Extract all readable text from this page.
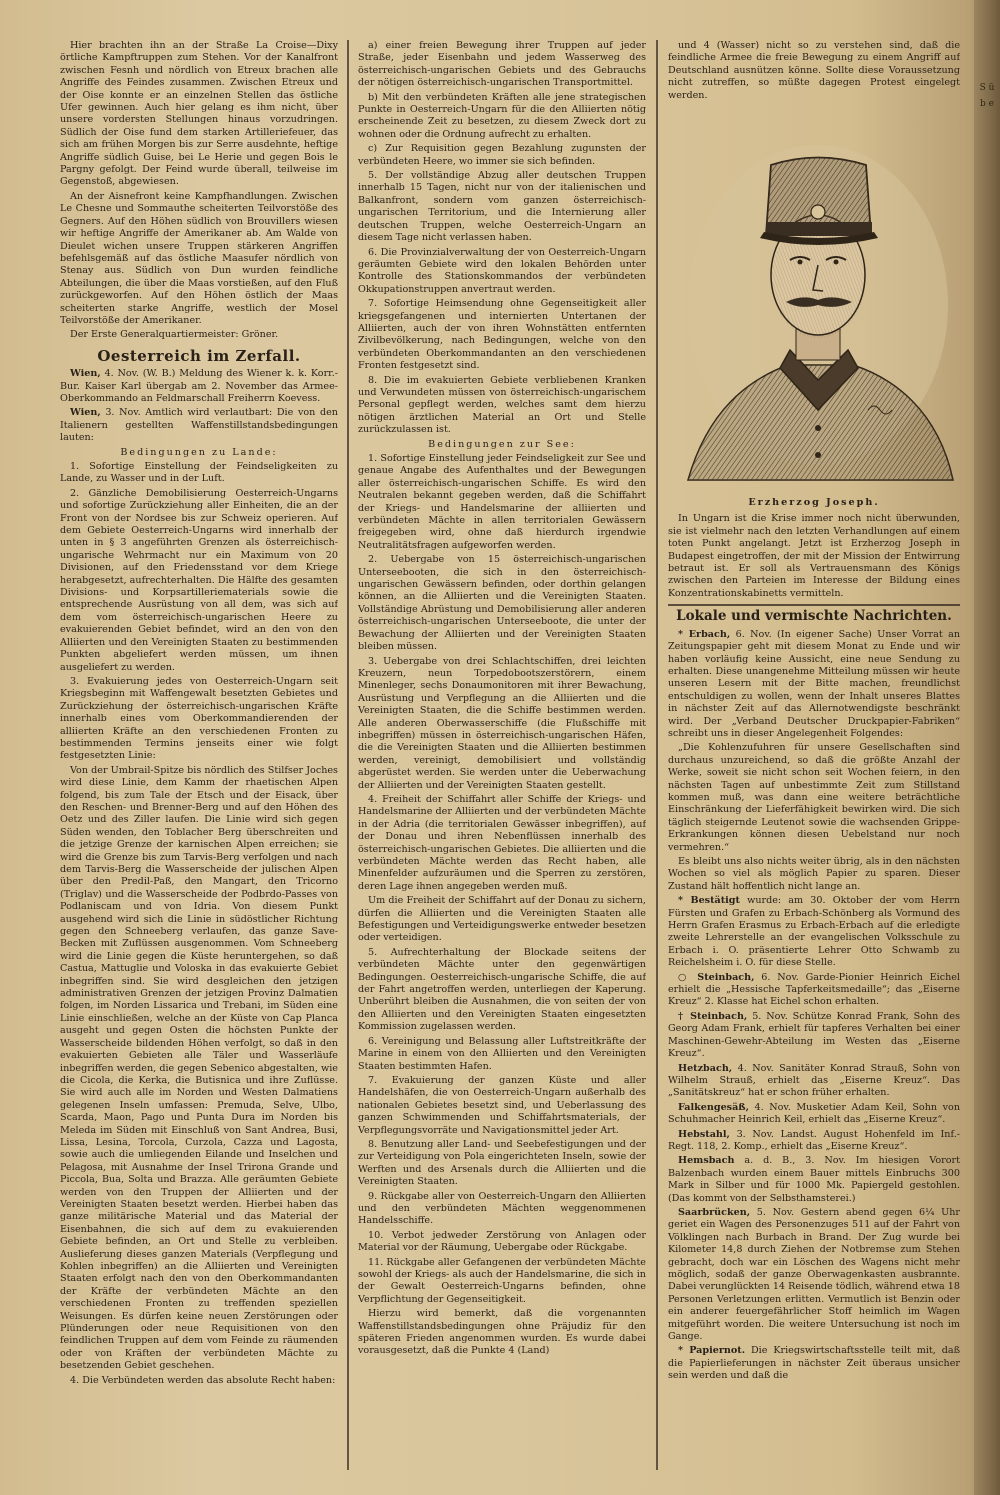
Hier brachten ihn an der Straße La Croise—Dixy örtliche Kampftruppen zum Stehen. Vor der Kanalfront zwischen Fesnh und nördlich von Etreux brachen alle Angriffe des Feindes zusammen. Zwischen Etreux und der Oise konnte er an einzelnen Stellen das östliche Ufer gewinnen. Auch hier gelang es ihm nicht, über unsere vordersten Stellungen hinaus vorzudringen. Südlich der Oise fund dem starken Artilleriefeuer, das sich am frühen Morgen bis zur Serre ausdehnte, heftige Angriffe südlich Guise, bei Le Herie und gegen Bois le Pargny gefolgt. Der Feind wurde überall, teilweise im Gegenstoß, abgewiesen.

An der Aisnefront keine Kampfhandlungen. Zwischen Le Chesne und Sommauthe scheiterten Teilvorstöße des Gegners. Auf den Höhen südlich von Brouvillers wiesen wir heftige Angriffe der Amerikaner ab. Am Walde von Dieulet wichen unsere Truppen stärkeren Angriffen befehlsgemäß auf das östliche Maasufer nördlich von Stenay aus. Südlich von Dun wurden feindliche Abteilungen, die über die Maas vorstießen, auf den Fluß zurückgeworfen. Auf den Höhen östlich der Maas scheiterten starke Angriffe, westlich der Mosel Teilvorstöße der Amerikaner.

Der Erste Generalquartiermeister: Gröner.

Oesterreich im Zerfall.

Wien, 4. Nov. (W. B.) Meldung des Wiener k. k. Korr.-Bur. Kaiser Karl übergab am 2. November das Armee-Oberkommando an Feldmarschall Freiherrn Koevess.

Wien, 3. Nov. Amtlich wird verlautbart: Die von den Italienern gestellten Waffenstillstandsbedingungen lauten:

Bedingungen zu Lande:

1. Sofortige Einstellung der Feindseligkeiten zu Lande, zu Wasser und in der Luft.

2. Gänzliche Demobilisierung Oesterreich-Ungarns und sofortige Zurückziehung aller Einheiten, die an der Front von der Nordsee bis zur Schweiz operieren. Auf dem Gebiete Oesterreich-Ungarns wird innerhalb der unten in § 3 angeführten Grenzen als österreichisch-ungarische Wehrmacht nur ein Maximum von 20 Divisionen, auf den Friedensstand vor dem Kriege herabgesetzt, aufrechterhalten. Die Hälfte des gesamten Divisions- und Korpsartilleriematerials sowie die entsprechende Ausrüstung von all dem, was sich auf dem vom österreichisch-ungarischen Heere zu evakuierenden Gebiet befindet, wird an den von den Alliierten und den Vereinigten Staaten zu bestimmenden Punkten abgeliefert werden müssen, um ihnen ausgeliefert zu werden.

3. Evakuierung jedes von Oesterreich-Ungarn seit Kriegsbeginn mit Waffengewalt besetzten Gebietes und Zurückziehung der österreichisch-ungarischen Kräfte innerhalb eines vom Oberkommandierenden der alliierten Kräfte an den verschiedenen Fronten zu bestimmenden Termins jenseits einer wie folgt festgesetzten Linie:

Von der Umbrail-Spitze bis nördlich des Stilfser Joches wird diese Linie, dem Kamm der rhaetischen Alpen folgend, bis zum Tale der Etsch und der Eisack, über den Reschen- und Brenner-Berg und auf den Höhen des Oetz und des Ziller laufen. Die Linie wird sich gegen Süden wenden, den Toblacher Berg überschreiten und die jetzige Grenze der karnischen Alpen erreichen; sie wird die Grenze bis zum Tarvis-Berg verfolgen und nach dem Tarvis-Berg die Wasserscheide der julischen Alpen über den Predil-Paß, den Mangart, den Tricorno (Triglav) und die Wasserscheide der Podbrdo-Passes von Podlaniscam und von Idria. Von diesem Punkt ausgehend wird sich die Linie in südöstlicher Richtung gegen den Schneeberg verlaufen, das ganze Save-Becken mit Zuflüssen ausgenommen. Vom Schneeberg wird die Linie gegen die Küste heruntergehen, so daß Castua, Mattuglie und Voloska in das evakuierte Gebiet inbegriffen sind. Sie wird desgleichen den jetzigen administrativen Grenzen der jetzigen Provinz Dalmatien folgen, im Norden Lissarica und Trebani, im Süden eine Linie einschließen, welche an der Küste von Cap Planca ausgeht und gegen Osten die höchsten Punkte der Wasserscheide bildenden Höhen verfolgt, so daß in den evakuierten Gebieten alle Täler und Wasserläufe inbegriffen werden, die gegen Sebenico abgestalten, wie die Cicola, die Kerka, die Butisnica und ihre Zuflüsse. Sie wird auch alle im Norden und Westen Dalmatiens gelegenen Inseln umfassen: Premuda, Selve, Ulbo, Scarda, Maon, Pago und Punta Dura im Norden bis Meleda im Süden mit Einschluß von Sant Andrea, Busi, Lissa, Lesina, Torcola, Curzola, Cazza und Lagosta, sowie auch die umliegenden Eilande und Inselchen und Pelagosa, mit Ausnahme der Insel Trirona Grande und Piccola, Bua, Solta und Brazza. Alle geräumten Gebiete werden von den Truppen der Alliierten und der Vereinigten Staaten besetzt werden. Hierbei haben das ganze militärische Material und das Material der Eisenbahnen, die sich auf dem zu evakuierenden Gebiete befinden, an Ort und Stelle zu verbleiben. Auslieferung dieses ganzen Materials (Verpflegung und Kohlen inbegriffen) an die Alliierten und Vereinigten Staaten erfolgt nach den von den Oberkommandanten der Kräfte der verbündeten Mächte an den verschiedenen Fronten zu treffenden speziellen Weisungen. Es dürfen keine neuen Zerstörungen oder Plünderungen oder neue Requisitionen von den feindlichen Truppen auf dem vom Feinde zu räumenden oder von Kräften der verbündeten Mächte zu besetzenden Gebiet geschehen.

4. Die Verbündeten werden das absolute Recht haben:

a) einer freien Bewegung ihrer Truppen auf jeder Straße, jeder Eisenbahn und jedem Wasserweg des österreichisch-ungarischen Gebiets und des Gebrauchs der nötigen österreichisch-ungarischen Transportmittel.

b) Mit den verbündeten Kräften alle jene strategischen Punkte in Oesterreich-Ungarn für die den Alliierten nötig erscheinende Zeit zu besetzen, zu diesem Zweck dort zu wohnen oder die Ordnung aufrecht zu erhalten.

c) Zur Requisition gegen Bezahlung zugunsten der verbündeten Heere, wo immer sie sich befinden.

5. Der vollständige Abzug aller deutschen Truppen innerhalb 15 Tagen, nicht nur von der italienischen und Balkanfront, sondern vom ganzen österreichisch-ungarischen Territorium, und die Internierung aller deutschen Truppen, welche Oesterreich-Ungarn an diesem Tage nicht verlassen haben.

6. Die Provinzialverwaltung der von Oesterreich-Ungarn geräumten Gebiete wird den lokalen Behörden unter Kontrolle des Stationskommandos der verbündeten Okkupationstruppen anvertraut werden.

7. Sofortige Heimsendung ohne Gegenseitigkeit aller kriegsgefangenen und internierten Untertanen der Alliierten, auch der von ihren Wohnstätten entfernten Zivilbevölkerung, nach Bedingungen, welche von den verbündeten Oberkommandanten an den verschiedenen Fronten festgesetzt sind.

8. Die im evakuierten Gebiete verbliebenen Kranken und Verwundeten müssen von österreichisch-ungarischem Personal gepflegt werden, welches samt dem hierzu nötigen ärztlichen Material an Ort und Stelle zurückzulassen ist.

Bedingungen zur See:

1. Sofortige Einstellung jeder Feindseligkeit zur See und genaue Angabe des Aufenthaltes und der Bewegungen aller österreichisch-ungarischen Schiffe. Es wird den Neutralen bekannt gegeben werden, daß die Schiffahrt der Kriegs- und Handelsmarine der alliierten und verbündeten Mächte in allen territorialen Gewässern freigegeben wird, ohne daß hierdurch irgendwie Neutralitätsfragen aufgeworfen werden.

2. Uebergabe von 15 österreichisch-ungarischen Unterseebooten, die sich in den österreichisch-ungarischen Gewässern befinden, oder dorthin gelangen können, an die Alliierten und die Vereinigten Staaten. Vollständige Abrüstung und Demobilisierung aller anderen österreichisch-ungarischen Unterseeboote, die unter der Bewachung der Alliierten und der Vereinigten Staaten bleiben müssen.

3. Uebergabe von drei Schlachtschiffen, drei leichten Kreuzern, neun Torpedobootszerstörern, einem Minenleger, sechs Donaumonitoren mit ihrer Bewachung, Ausrüstung und Verpflegung an die Alliierten und die Vereinigten Staaten, die die Schiffe bestimmen werden. Alle anderen Oberwasserschiffe (die Flußschiffe mit inbegriffen) müssen in österreichisch-ungarischen Häfen, die die Vereinigten Staaten und die Alliierten bestimmen werden, vereinigt, demobilisiert und vollständig abgerüstet werden. Sie werden unter die Ueberwachung der Alliierten und der Vereinigten Staaten gestellt.

4. Freiheit der Schiffahrt aller Schiffe der Kriegs- und Handelsmarine der Alliierten und der verbündeten Mächte in der Adria (die territorialen Gewässer inbegriffen), auf der Donau und ihren Nebenflüssen innerhalb des österreichisch-ungarischen Gebietes. Die alliierten und die verbündeten Mächte werden das Recht haben, alle Minenfelder aufzuräumen und die Sperren zu zerstören, deren Lage ihnen angegeben werden muß.

Um die Freiheit der Schiffahrt auf der Donau zu sichern, dürfen die Alliierten und die Vereinigten Staaten alle Befestigungen und Verteidigungswerke entweder besetzen oder verteidigen.

5. Aufrechterhaltung der Blockade seitens der verbündeten Mächte unter den gegenwärtigen Bedingungen. Oesterreichisch-ungarische Schiffe, die auf der Fahrt angetroffen werden, unterliegen der Kaperung. Unberührt bleiben die Ausnahmen, die von seiten der von den Alliierten und den Vereinigten Staaten eingesetzten Kommission zugelassen werden.

6. Vereinigung und Belassung aller Luftstreitkräfte der Marine in einem von den Alliierten und den Vereinigten Staaten bestimmten Hafen.

7. Evakuierung der ganzen Küste und aller Handelshäfen, die von Oesterreich-Ungarn außerhalb des nationalen Gebietes besetzt sind, und Ueberlassung des ganzen Schwimmenden und Schiffahrtsmaterials, der Verpflegungsvorräte und Navigationsmittel jeder Art.

8. Benutzung aller Land- und Seebefestigungen und der zur Verteidigung von Pola eingerichteten Inseln, sowie der Werften und des Arsenals durch die Alliierten und die Vereinigten Staaten.

9. Rückgabe aller von Oesterreich-Ungarn den Alliierten und den verbündeten Mächten weggenommenen Handelsschiffe.

10. Verbot jedweder Zerstörung von Anlagen oder Material vor der Räumung, Uebergabe oder Rückgabe.

11. Rückgabe aller Gefangenen der verbündeten Mächte sowohl der Kriegs- als auch der Handelsmarine, die sich in der Gewalt Oesterreich-Ungarns befinden, ohne Verpflichtung der Gegenseitigkeit.

Hierzu wird bemerkt, daß die vorgenannten Waffenstillstandsbedingungen ohne Präjudiz für den späteren Frieden angenommen wurden. Es wurde dabei vorausgesetzt, daß die Punkte 4 (Land)

und 4 (Wasser) nicht so zu verstehen sind, daß die feindliche Armee die freie Bewegung zu einem Angriff auf Deutschland ausnützen könne. Sollte diese Voraussetzung nicht zutreffen, so müßte dagegen Protest eingelegt werden.

Erzherzog Joseph.

In Ungarn ist die Krise immer noch nicht überwunden, sie ist vielmehr nach den letzten Verhandlungen auf einem toten Punkt angelangt. Jetzt ist Erzherzog Joseph in Budapest eingetroffen, der mit der Mission der Entwirrung betraut ist. Er soll als Vertrauensmann des Königs zwischen den Parteien im Interesse der Bildung eines Konzentrationskabinetts vermitteln.

Lokale und vermischte Nachrichten.

* Erbach, 6. Nov. (In eigener Sache) Unser Vorrat an Zeitungspapier geht mit diesem Monat zu Ende und wir haben vorläufig keine Aussicht, eine neue Sendung zu erhalten. Diese unangenehme Mitteilung müssen wir heute unseren Lesern mit der Bitte machen, freundlichst entschuldigen zu wollen, wenn der Inhalt unseres Blattes in nächster Zeit auf das Allernotwendigste beschränkt wird. Der „Verband Deutscher Druckpapier-Fabriken“ schreibt uns in dieser Angelegenheit Folgendes:

„Die Kohlenzufuhren für unsere Gesellschaften sind durchaus unzureichend, so daß die größte Anzahl der Werke, soweit sie nicht schon seit Wochen feiern, in den nächsten Tagen auf unbestimmte Zeit zum Stillstand kommen muß, was dann eine weitere beträchtliche Einschränkung der Lieferfähigkeit bewirken wird. Die sich täglich steigernde Leutenot sowie die wachsenden Grippe-Erkrankungen können diesen Uebelstand nur noch vermehren.“

Es bleibt uns also nichts weiter übrig, als in den nächsten Wochen so viel als möglich Papier zu sparen. Dieser Zustand hält hoffentlich nicht lange an.

* Bestätigt wurde: am 30. Oktober der vom Herrn Fürsten und Grafen zu Erbach-Schönberg als Vormund des Herrn Grafen Erasmus zu Erbach-Erbach auf die erledigte zweite Lehrerstelle an der evangelischen Volksschule zu Erbach i. O. präsentierte Lehrer Otto Schwamb zu Reichelsheim i. O. für diese Stelle.

○ Steinbach, 6. Nov. Garde-Pionier Heinrich Eichel erhielt die „Hessische Tapferkeitsmedaille“; das „Eiserne Kreuz“ 2. Klasse hat Eichel schon erhalten.

† Steinbach, 5. Nov. Schütze Konrad Frank, Sohn des Georg Adam Frank, erhielt für tapferes Verhalten bei einer Maschinen-Gewehr-Abteilung im Westen das „Eiserne Kreuz“.

Hetzbach, 4. Nov. Sanitäter Konrad Strauß, Sohn von Wilhelm Strauß, erhielt das „Eiserne Kreuz“. Das „Sanitätskreuz“ hat er schon früher erhalten.

Falkengesäß, 4. Nov. Musketier Adam Keil, Sohn von Schuhmacher Heinrich Keil, erhielt das „Eiserne Kreuz“.

Hebstahl, 3. Nov. Landst. August Hohenfeld im Inf.-Regt. 118, 2. Komp., erhielt das „Eiserne Kreuz“.

Hemsbach a. d. B., 3. Nov. Im hiesigen Vorort Balzenbach wurden einem Bauer mittels Einbruchs 300 Mark in Silber und für 1000 Mk. Papiergeld gestohlen. (Das kommt von der Selbsthamsterei.)

Saarbrücken, 5. Nov. Gestern abend gegen 6¼ Uhr geriet ein Wagen des Personenzuges 511 auf der Fahrt von Völklingen nach Burbach in Brand. Der Zug wurde bei Kilometer 14,8 durch Ziehen der Notbremse zum Stehen gebracht, doch war ein Löschen des Wagens nicht mehr möglich, sodaß der ganze Oberwagenkasten ausbrannte. Dabei verunglückten 14 Reisende tödlich, während etwa 18 Personen Verletzungen erlitten. Vermutlich ist Benzin oder ein anderer feuergefährlicher Stoff heimlich im Wagen mitgeführt worden. Die weitere Untersuchung ist noch im Gange.

* Papiernot. Die Kriegswirtschaftsstelle teilt mit, daß die Papierlieferungen in nächster Zeit überaus unsicher sein werden und daß die

S ü b e
